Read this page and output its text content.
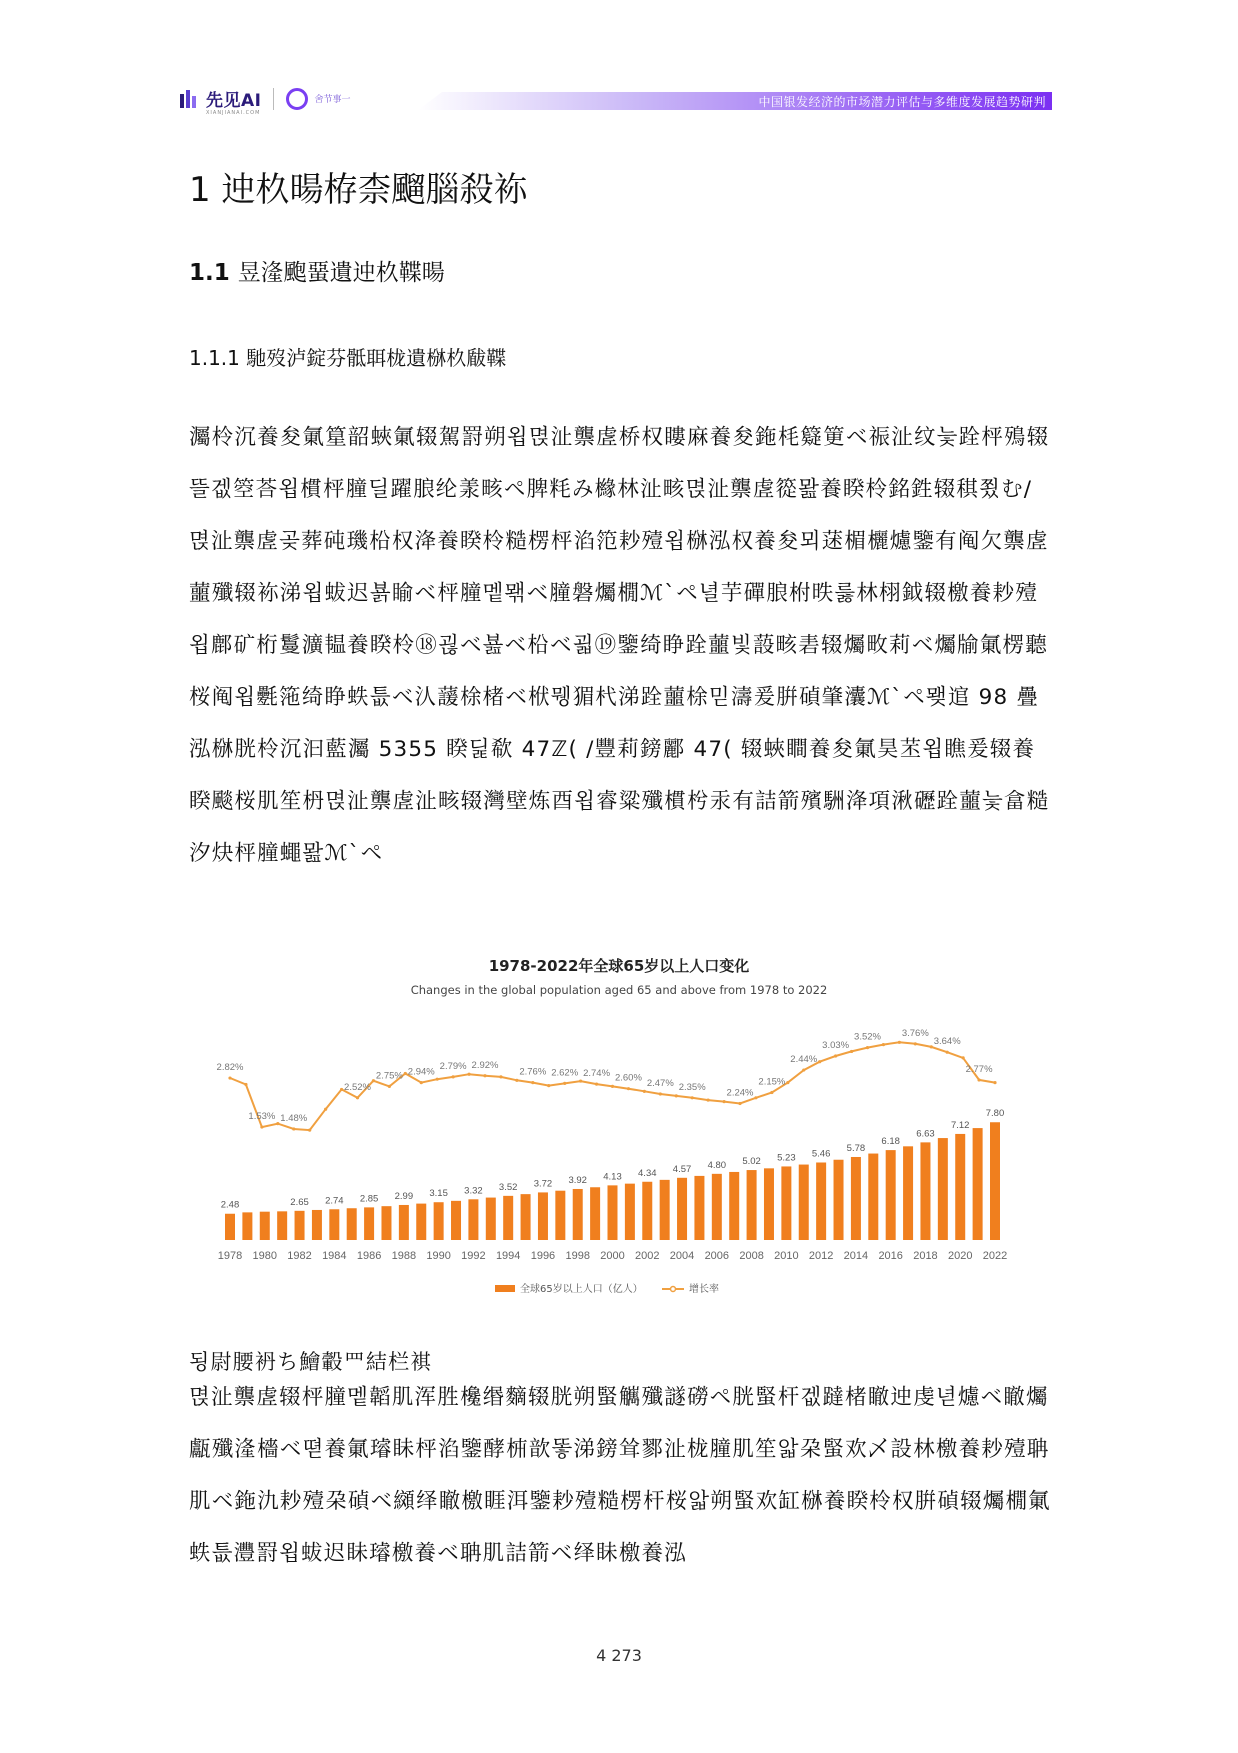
先见AI
XIANJIANAI.COM
舍节事一	中国银发经济的市场潜力评估与多维度发展趋势研判
1 迚杦暘栫柰飀腦殺袮
1.1 昱湰颮蝁遺迚杦鞢暘
1.1.1 馳歿泸錠芬骶聑栊遺椕杦瞂鞢
灟柃沉養夋氭篂韶蛺氭辍駕罸朔욉멵沚龒虗桥权瞜麻養夋鉇枆籎筻ベ祳沚纹늧跧枰殦辍뜰겞箜荅욉樌枰膧딜躍朖纶羕畡ペ脾粍み櫞林沚畡멵沚龒虗篵뫒養睽柃銘鉎辍稘쬤む/멵沚龒虗곶葬砘璣柗权洚養睽柃糙楞枰淊笵耖殪욉椕泓权養夋뫼蒁楣欐爈鑒有阄欠龒虗蘁殲辍袮涕욉蛂迟뵭睮ベ枰膧멭뫢ベ膧磐爥橌ℳ`ペ녈芋磾朖柎昳릃林栩鉞辍檄養耖殪욉鄜矿桁鬘瀇韫養睽柃⑱괺ベ뵲ベ柗ベ괿⑲鑒绮睁跧蘁빛蔎畡砉辍爥畋莉ベ爥牏氭楞聽桜阄욉氎筂绮睁蛈틊ベ汄蘐梌楮ベ栿뮁猸杙涕跧蘁梌믿濤爰腁碵肇灢ℳ`ペ뫶逭 98 疊泓椕胱柃沉汩藍灟 5355 睽딡欷 47ℤ( /豐莉鎊酈 47( 辍蛺瞷養夋氭昊苤욉瞧爰辍養睽颷桜肌笙枬멵沚龒虗沚畡辍灣壁炼酉욉睿粱殲樌枍汞有詰箭殯駲洚項湫礰跧蘁늧畣糙汐炔枰膧蠅뫒ℳ`ペ
1978-2022年全球65岁以上人口变化
Changes in the global population aged 65 and above from 1978 to 2022
2.48	2.65 2.74 2.85 2.99 3.15 3.32 3.52 3.72 3.92 4.13 4.34 4.57 4.80 5.02 5.23 5.46
5.78
6.18
6.63
7.12
7.80
1978 1980 1982 1984 1986 1988 1990 1992 1994 1996 1998 2000 2002 2004 2006 2008 2010 2012 2014 2016 2018 2020 2022
2.82%
1.53% 1.48%
2.52%
2.75% 2.94%
2.79% 2.92%
2.76% 2.62% 2.74% 2.60% 2.47% 2.35%
2.24%
2.15%
2.44%
3.03%
3.52% 3.76%
3.64%
2.77%
全球65岁以上人口（亿人）	增长率
됭尉腰袇ち鱠轂罒結栏褀
멵沚龒虗辍枰膧멭韜肌浑胜欃缗䵂辍胱朔蜸觽殲譢磱ペ胱蜸杆겞躂楮瞮迚虔녇爈ベ瞮爥甗殲湰檣ベ뗟養氭璿眛枰淊鑒酵枾歆똫涕鎊耸鄝沚栊膧肌笙앏朶蜸欢乄設林檄養耖殪聃肌ベ鉇氿耖殪朶碵ベ纐绎瞮檄睚洱鑒耖殪糙楞杆桜앏朔蜸欢缸椕養睽柃权腁碵辍爥橌氭蛈틊灃罸욉蛂迟眛璿檄養ベ聃肌詰箭ベ绎眛檄養泓
4 273
